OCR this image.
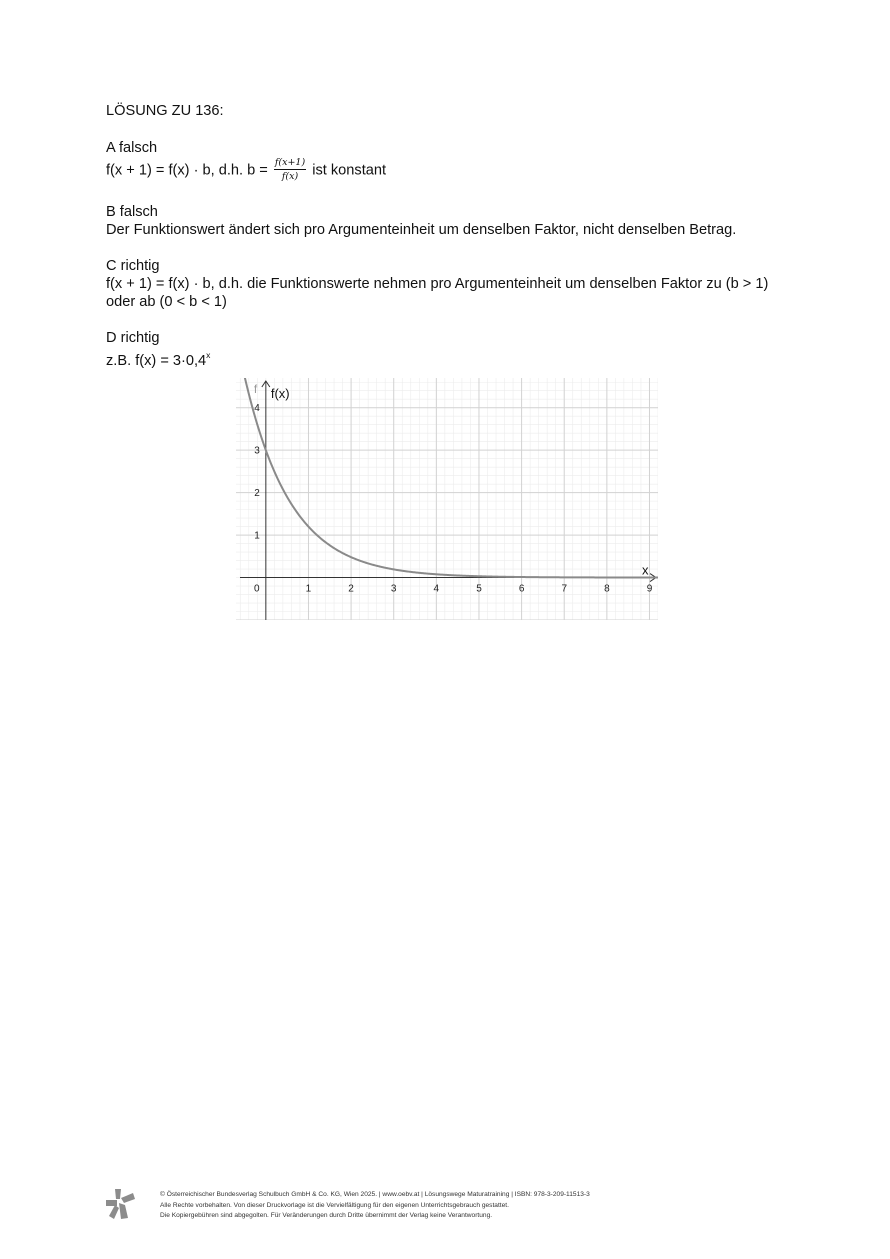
LÖSUNG ZU 136:
A falsch
f(x + 1) = f(x) · b, d.h. $b = \frac{f(x+1)}{f(x)}$ ist konstant
B falsch
Der Funktionswert ändert sich pro Argumenteinheit um denselben Faktor, nicht denselben Betrag.
C richtig
f(x + 1) = f(x) · b, d.h. die Funktionswerte nehmen pro Argumenteinheit um denselben Faktor zu (b > 1)
oder ab (0 < b < 1)
D richtig
z.B. $f(x) = 3\cdot 0,4^x$
0	1	2	3	4	5	6	7	8	9
1
2
3
4
f(x)
x
f
© Österreichischer Bundesverlag Schulbuch GmbH & Co. KG, Wien 2025. | www.oebv.at | Lösungswege Maturatraining | ISBN: 978-3-209-11513-3
Alle Rechte vorbehalten. Von dieser Druckvorlage ist die Vervielfältigung für den eigenen Unterrichtsgebrauch gestattet.
Die Kopiergebühren sind abgegolten. Für Veränderungen durch Dritte übernimmt der Verlag keine Verantwortung.
